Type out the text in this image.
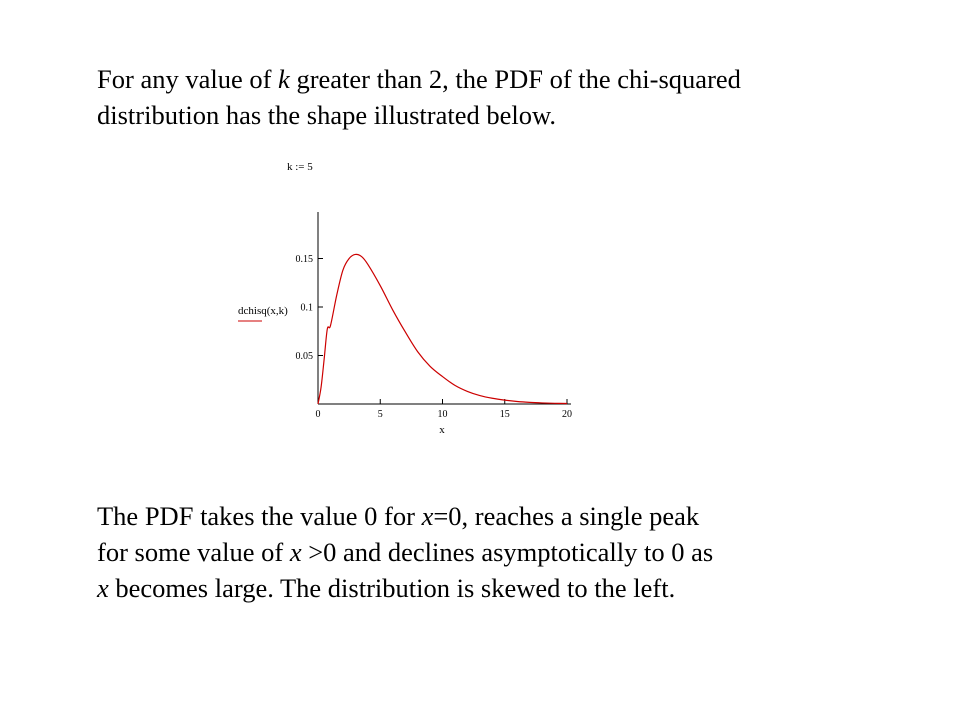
For any value of k greater than 2, the PDF of the chi-squared
distribution has the shape illustrated below.

k := 5
0	5	10	15	20
0.05
0.1
0.15
x
dchisq(x,k)

The PDF takes the value 0 for x=0, reaches a single peak
for some value of x >0 and declines asymptotically to 0 as
x becomes large. The distribution is skewed to the left.
